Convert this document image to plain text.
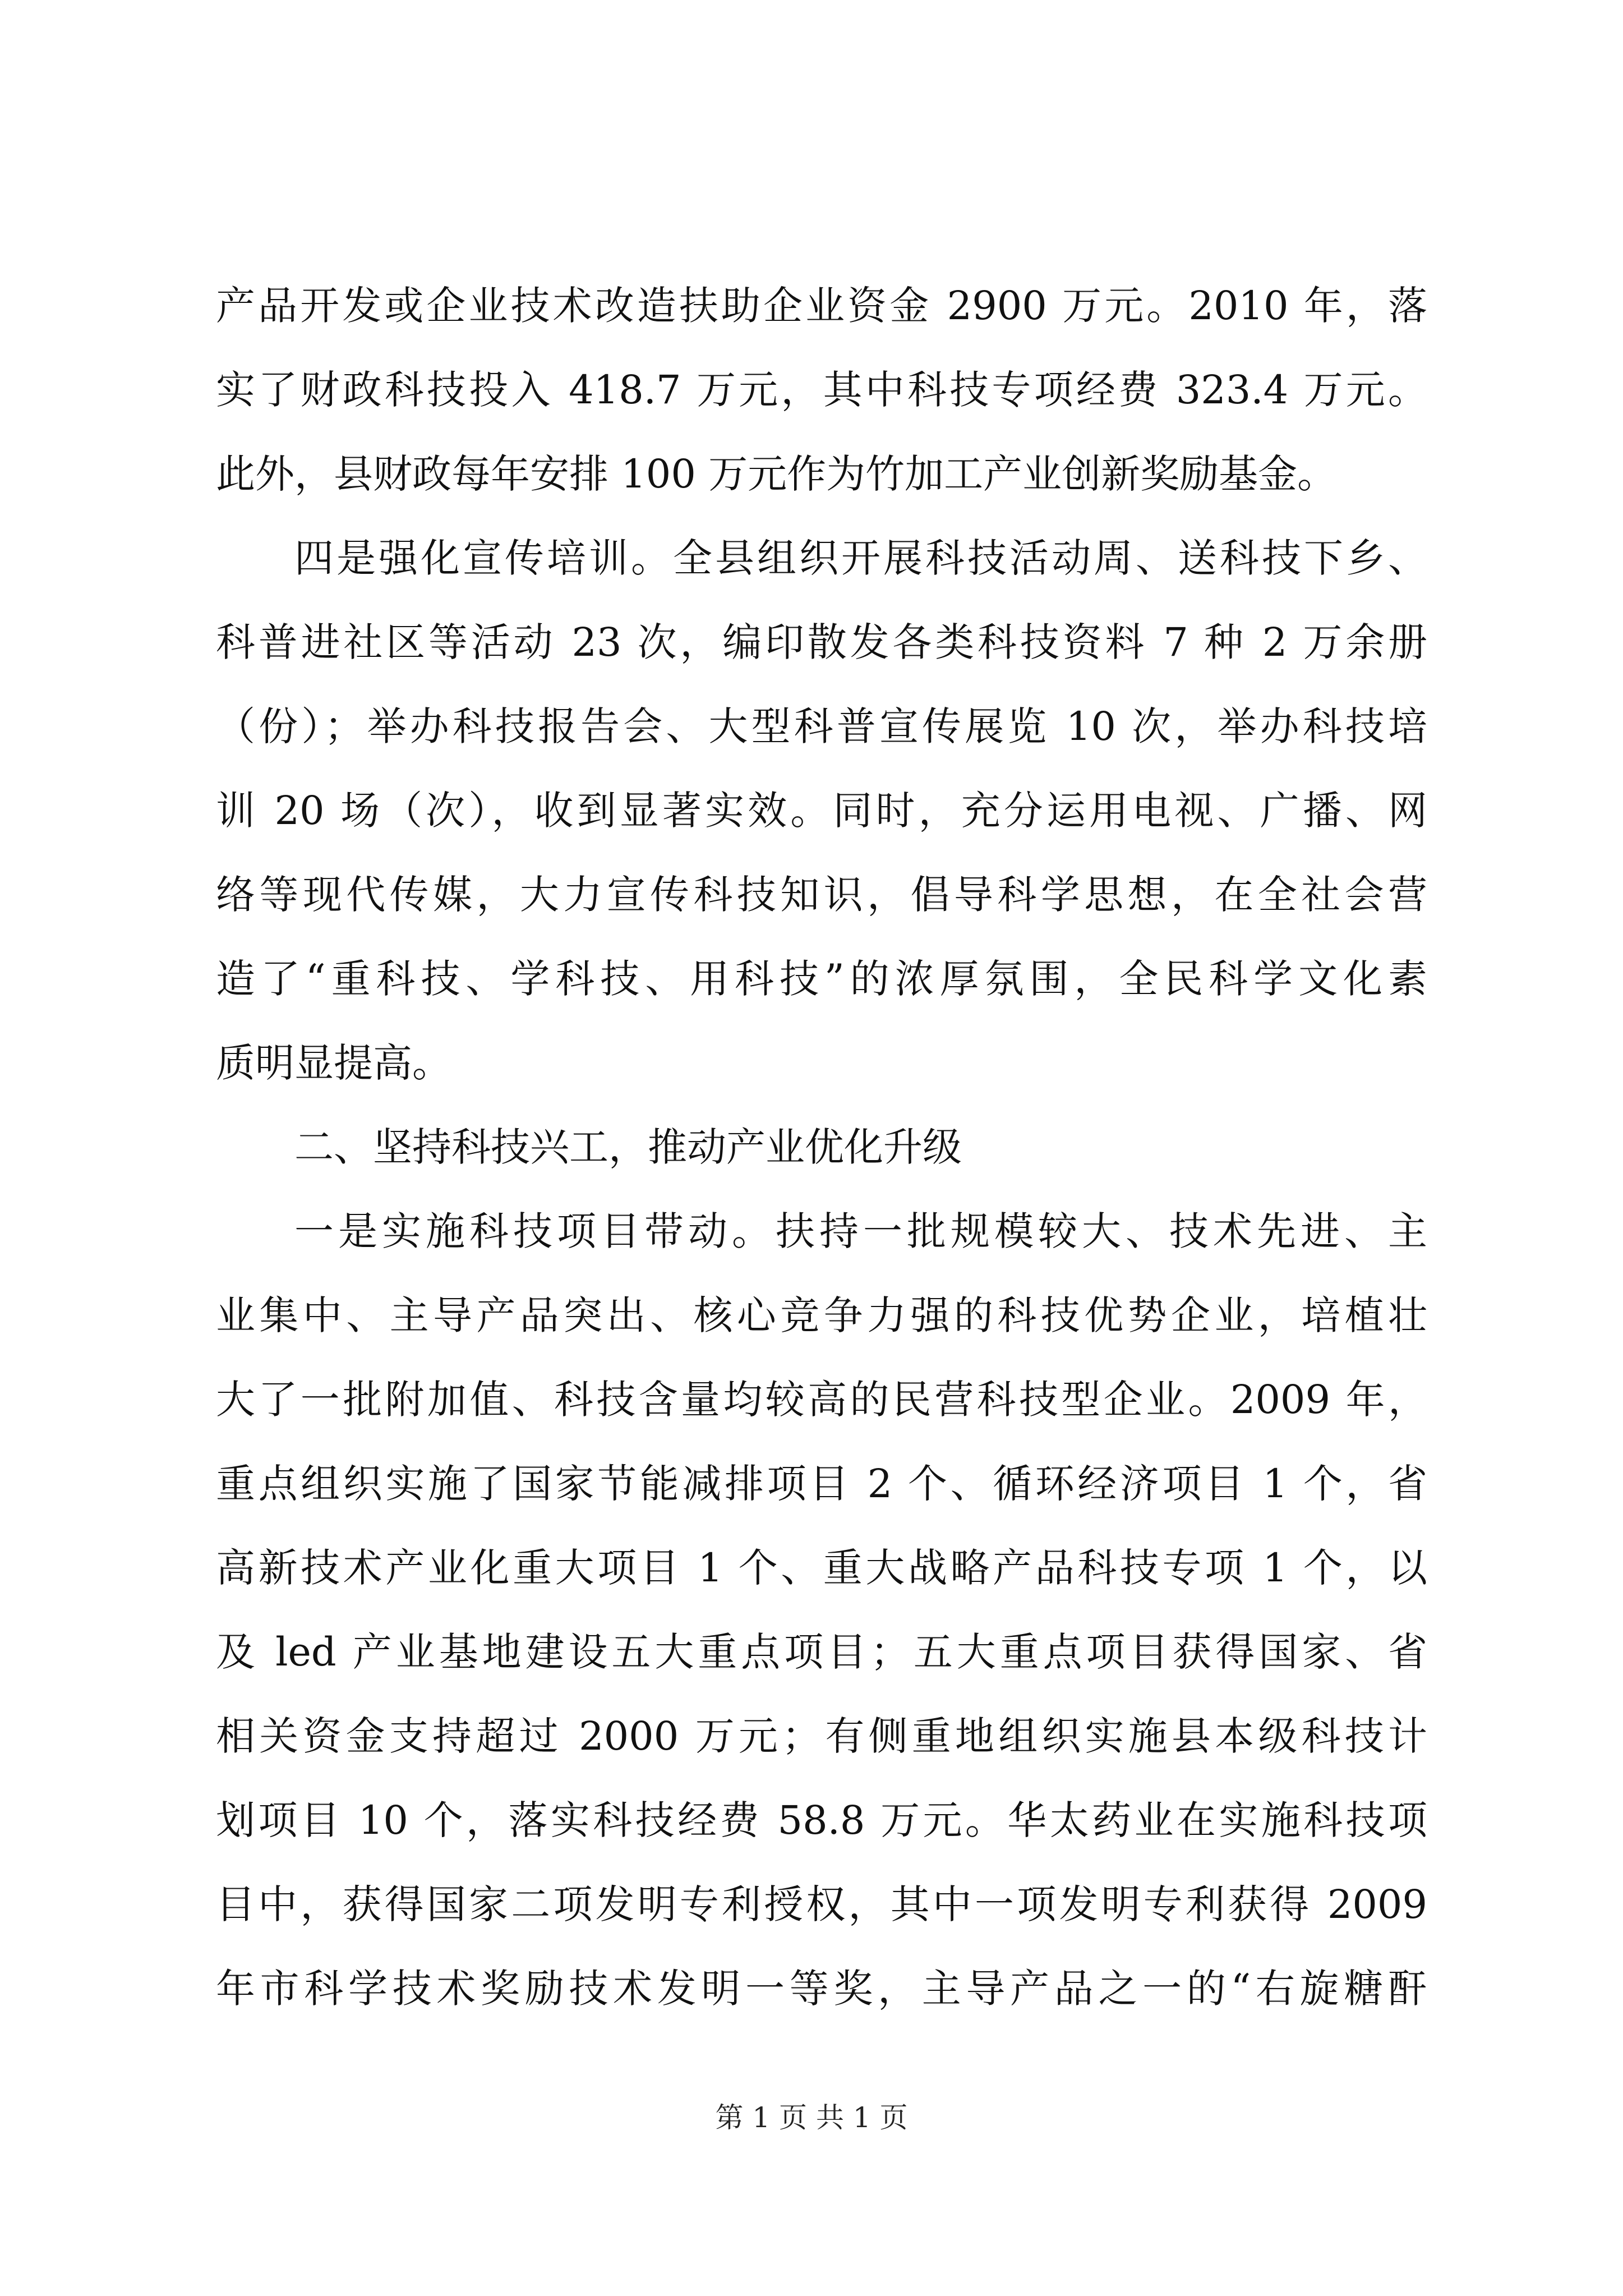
产品开发或企业技术改造扶助企业资金 2900 万元。2010 年，落
实了财政科技投入 418.7 万元，其中科技专项经费 323.4 万元。
此外，县财政每年安排 100 万元作为竹加工产业创新奖励基金。
四是强化宣传培训。全县组织开展科技活动周、送科技下乡、
科普进社区等活动 23 次，编印散发各类科技资料 7 种 2 万余册
（份）；举办科技报告会、大型科普宣传展览 10 次，举办科技培
训 20 场（次），收到显著实效。同时，充分运用电视、广播、网
络等现代传媒，大力宣传科技知识，倡导科学思想，在全社会营
造了“重科技、学科技、用科技”的浓厚氛围，全民科学文化素
质明显提高。
二、坚持科技兴工，推动产业优化升级
一是实施科技项目带动。扶持一批规模较大、技术先进、主
业集中、主导产品突出、核心竞争力强的科技优势企业，培植壮
大了一批附加值、科技含量均较高的民营科技型企业。2009 年，
重点组织实施了国家节能减排项目 2 个、循环经济项目 1 个，省
高新技术产业化重大项目 1 个、重大战略产品科技专项 1 个，以
及 led 产业基地建设五大重点项目；五大重点项目获得国家、省
相关资金支持超过 2000 万元；有侧重地组织实施县本级科技计
划项目 10 个，落实科技经费 58.8 万元。华太药业在实施科技项
目中，获得国家二项发明专利授权，其中一项发明专利获得 2009
年市科学技术奖励技术发明一等奖，主导产品之一的“右旋糖酐
第 1 页 共 1 页
